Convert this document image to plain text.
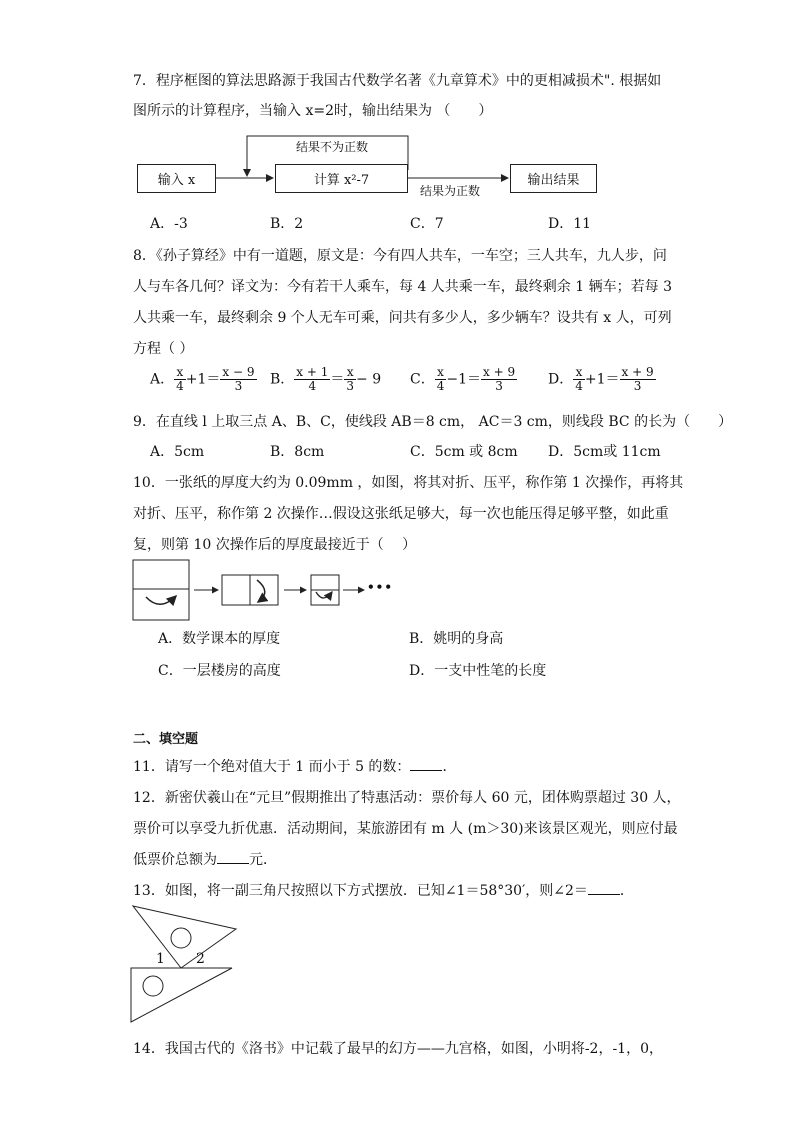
7．程序框图的算法思路源于我国古代数学名著《九章算术》中的更相减损术". 根据如
图所示的计算程序，当输入 x=2时，输出结果为 （　　）
输入 x	计算 x²-7	输出结果
结果不为正数
结果为正数
A．-3	B．2	C．7	D．11
8．《孙子算经》中有一道题，原文是：今有四人共车，一车空；三人共车，九人步，问
人与车各几何？译文为：今有若干人乘车，每 4 人共乘一车，最终剩余 1 辆车；若每 3
人共乘一车，最终剩余 9 个人无车可乘，问共有多少人，多少辆车？设共有 x 人，可列
方程（ ）
A． $\frac{x}{4} +1= \frac{x - 9}{3}$ B． $\frac{x + 1}{4} = \frac{x}{3} - 9$ C． $\frac{x}{4} -1= \frac{x + 9}{3}$ D． $\frac{x}{4} +1= \frac{x + 9}{3}$
9．在直线 l 上取三点 A、B、C，使线段 AB＝8 cm， AC＝3 cm，则线段 BC 的长为（　　）
A．5cm	B．8cm	C．5cm 或 8cm D．5cm或 11cm
10．一张纸的厚度大约为 0.09mm ，如图，将其对折、压平，称作第 1 次操作，再将其
对折、压平，称作第 2 次操作…假设这张纸足够大，每一次也能压得足够平整，如此重
复，则第 10 次操作后的厚度最接近于（　 ）
•••
A．数学课本的厚度	B．姚明的身高
C．一层楼房的高度	D．一支中性笔的长度
二、填空题
11．请写一个绝对值大于 1 而小于 5 的数： ．
12．新密伏羲山在“元旦”假期推出了特惠活动：票价每人 60 元，团体购票超过 30 人，
票价可以享受九折优惠．活动期间，某旅游团有 m 人 (m＞30)来该景区观光，则应付最
低票价总额为 元．
13．如图，将一副三角尺按照以下方式摆放．已知∠1＝58°30′，则∠2＝ ．
1 2
14．我国古代的《洛书》中记载了最早的幻方——九宫格，如图，小明将-2，-1，0，
